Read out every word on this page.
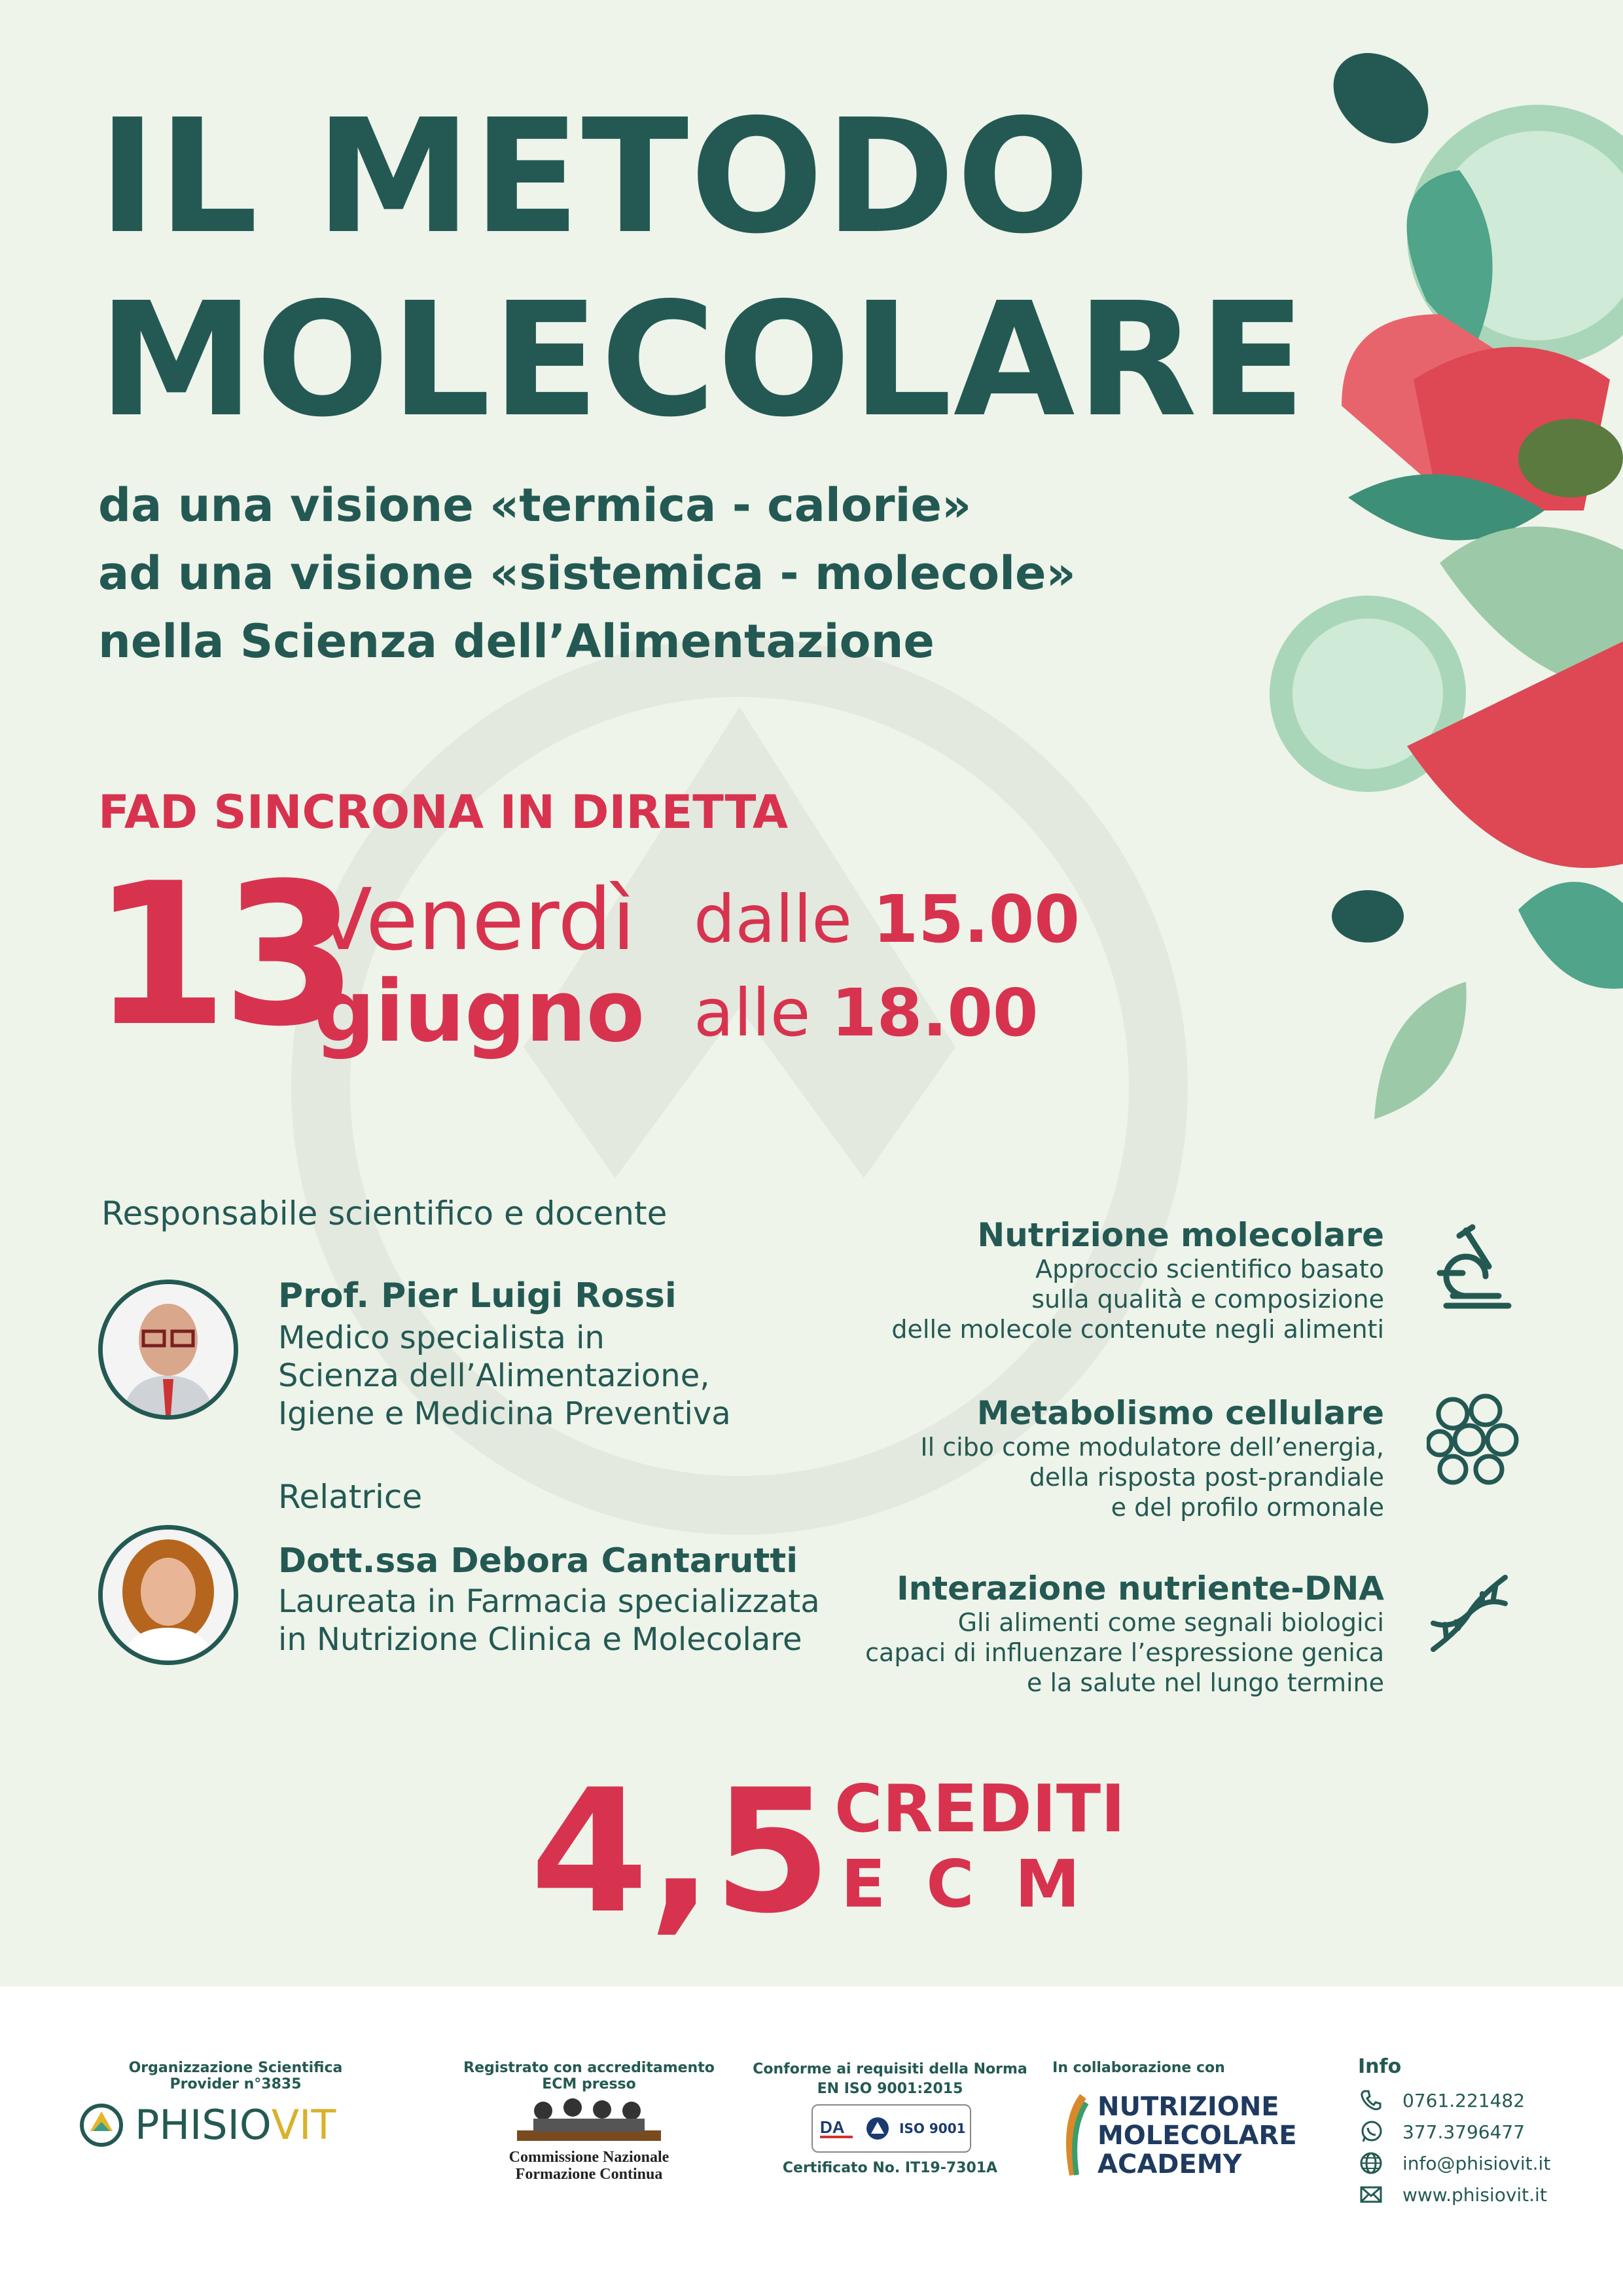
IL METODO
MOLECOLARE
da una visione «termica - calorie»
ad una visione «sistemica - molecole»
nella Scienza dell’Alimentazione
FAD SINCRONA IN DIRETTA
13
Venerdì
giugno
dalle 15.00
alle 18.00
Responsabile scientifico e docente
Prof. Pier Luigi Rossi
Medico specialista in
Scienza dell’Alimentazione,
Igiene e Medicina Preventiva
Relatrice
Dott.ssa Debora Cantarutti
Laureata in Farmacia specializzata
in Nutrizione Clinica e Molecolare
Nutrizione molecolare
Approccio scientifico basato
sulla qualità e composizione
delle molecole contenute negli alimenti
Metabolismo cellulare
Il cibo come modulatore dell’energia,
della risposta post-prandiale
e del profilo ormonale
Interazione nutriente-DNA
Gli alimenti come segnali biologici
capaci di influenzare l’espressione genica
e la salute nel lungo termine
4,5 CREDITI
ECM
Organizzazione Scientifica Provider n°3835
PHISIO VIT
Registrato con accreditamento ECM presso
Commissione Nazionale
Formazione Continua
Conforme ai requisiti della Norma
EN ISO 9001:2015
DA	ISO 9001
Certificato No. IT19-7301A
In collaborazione con
NUTRIZIONE
MOLECOLARE
ACADEMY
Info
0761.221482
377.3796477
info@phisiovit.it
www.phisiovit.it
